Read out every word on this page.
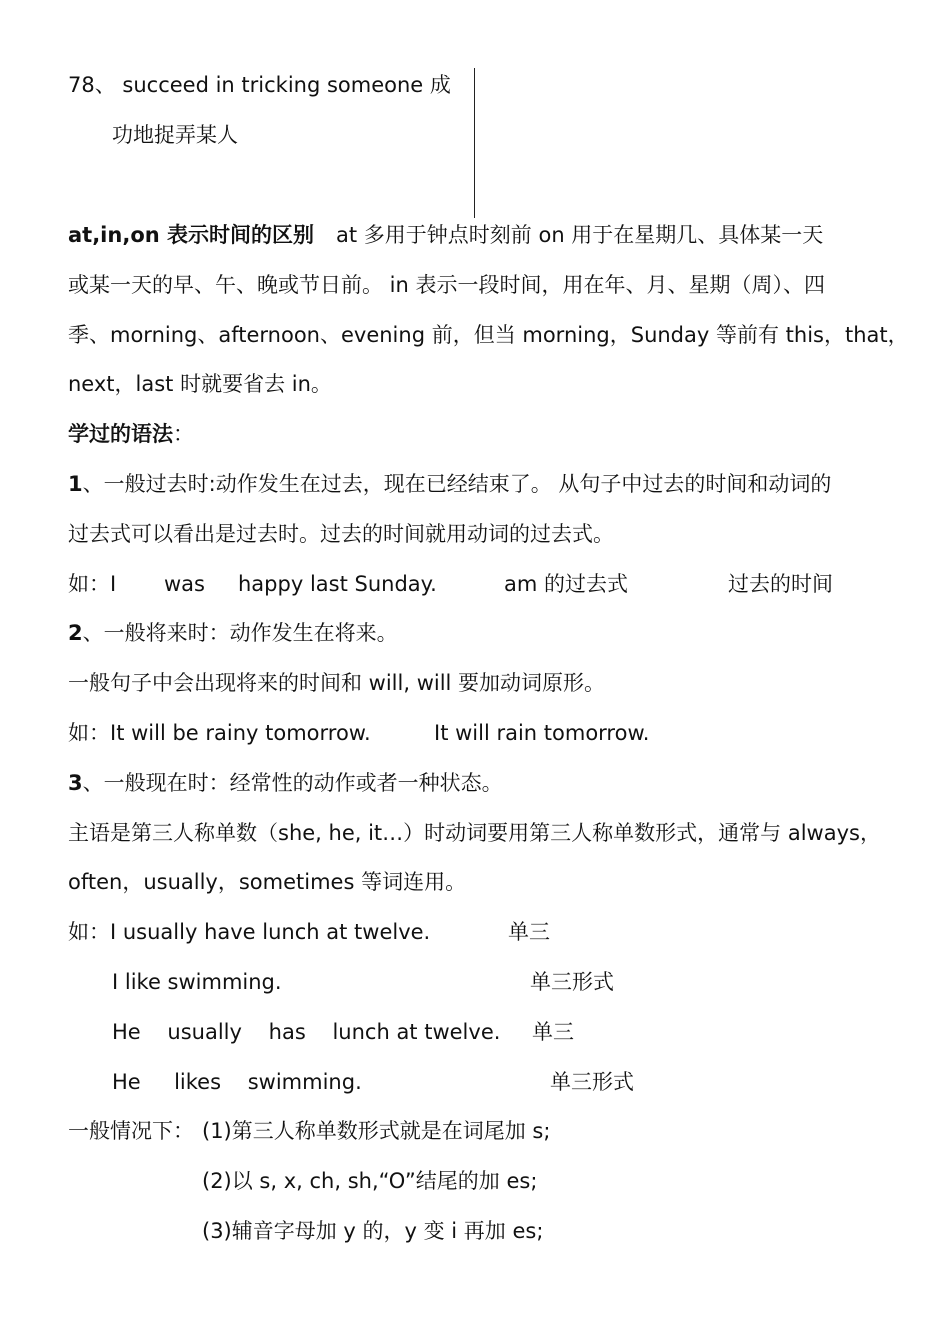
78、 succeed in tricking someone 成
功地捉弄某人
at,in,on 表示时间的区别 at 多用于钟点时刻前 on 用于在星期几、具体某一天
或某一天的早、午、晚或节日前。 in 表示一段时间，用在年、月、星期（周）、四
季、morning、afternoon、evening 前，但当 morning，Sunday 等前有 this，that，
next，last 时就要省去 in。
学过的语法：
1、一般过去时:动作发生在过去，现在已经结束了。 从句子中过去的时间和动词的
过去式可以看出是过去时。过去的时间就用动词的过去式。
如：I was happy last Sunday.	am 的过去式	过去的时间
2、一般将来时：动作发生在将来。
一般句子中会出现将来的时间和 will, will 要加动词原形。
如：It will be rainy tomorrow.	It will rain tomorrow.
3、一般现在时：经常性的动作或者一种状态。
主语是第三人称单数（she, he, it…）时动词要用第三人称单数形式，通常与 always，
often，usually，sometimes 等词连用。
如：I usually have lunch at twelve.	单三
I like swimming.	单三形式
He    usually    has    lunch at twelve. 单三
He     likes    swimming.	单三形式
一般情况下： (1)第三人称单数形式就是在词尾加 s;
(2)以 s, x, ch, sh,“O”结尾的加 es;
(3)辅音字母加 y 的，y 变 i 再加 es;
